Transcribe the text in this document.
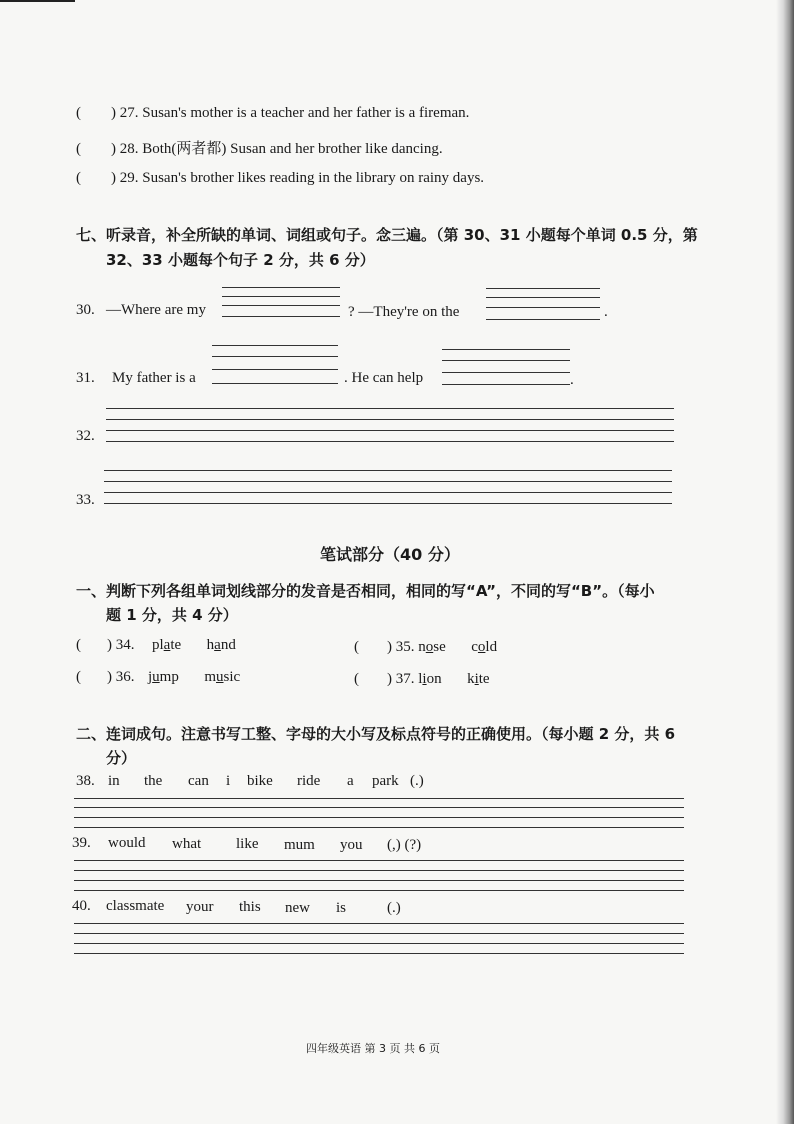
( ) 27. Susan's mother is a teacher and her father is a fireman.
( ) 28. Both(两者都) Susan and her brother like dancing.
( ) 29. Susan's brother likes reading in the library on rainy days.
七、听录音，补全所缺的单词、词组或句子。念三遍。（第 30、31 小题每个单词 0.5 分，第
32、33 小题每个句子 2 分，共 6 分）
30. —Where are my	? —They're on the	.
31. My father is a	. He can help	.
32.
33.
笔试部分（40 分）
一、判断下列各组单词划线部分的发音是否相同，相同的写“A”，不同的写“B”。（每小
题 1 分，共 4 分）
( ) 34. plate hand	( ) 35. nose cold
( ) 36. jump music	( ) 37. lion kite
二、连词成句。注意书写工整、字母的大小写及标点符号的正确使用。（每小题 2 分，共 6
分）
38. in the can i bike ride a park (.)
39. would what like mum you (,) (?)
40. classmate your this new is	(.)
四年级英语 第 3 页 共 6 页
